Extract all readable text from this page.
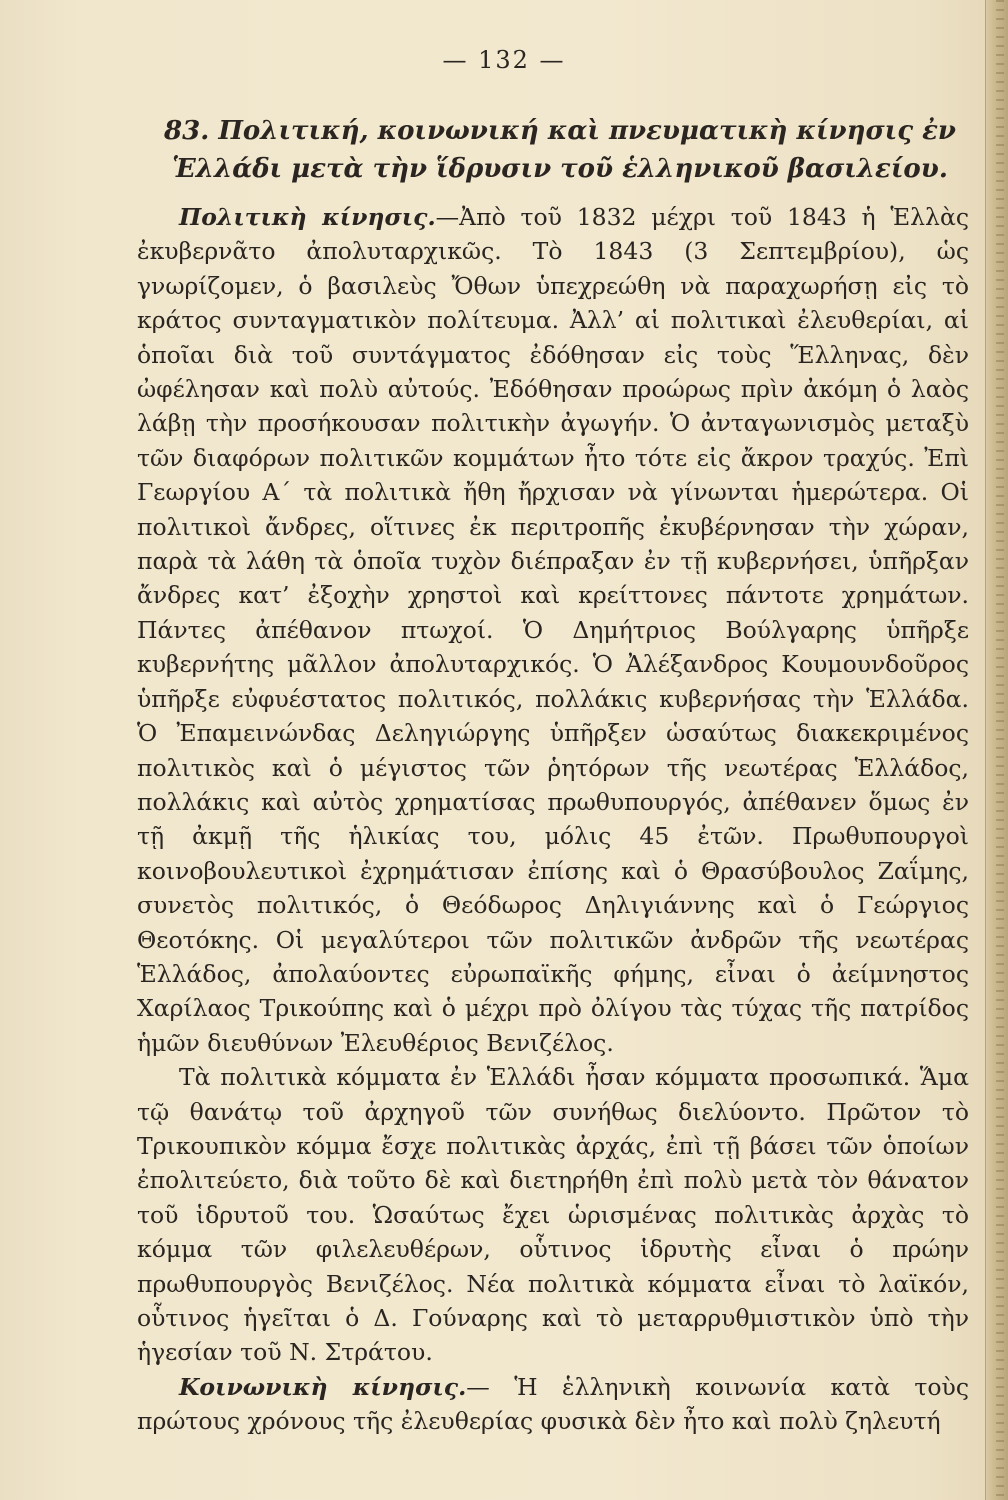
— 132 —
83. Πολιτική, κοινωνική καὶ πνευματικὴ κίνησις ἐν Ἑλλάδι μετὰ τὴν ἵδρυσιν τοῦ ἑλληνικοῦ βασιλείου.

Πολιτικὴ κίνησις.—Ἀπὸ τοῦ 1832 μέχρι τοῦ 1843 ἡ Ἑλλὰς ἐκυβερνᾶτο ἀπολυταρχικῶς. Τὸ 1843 (3 Σεπτεμβρίου), ὡς γνωρίζομεν, ὁ βασιλεὺς Ὄθων ὑπεχρεώθη νὰ παραχωρήσῃ εἰς τὸ κράτος συνταγματικὸν πολίτευμα. Ἀλλ’ αἱ πολιτικαὶ ἐλευθερίαι, αἱ ὁποῖαι διὰ τοῦ συντάγματος ἐδόθησαν εἰς τοὺς Ἕλληνας, δὲν ὠφέλησαν καὶ πολὺ αὐτούς. Ἐδόθησαν προώρως πρὶν ἀκόμη ὁ λαὸς λάβῃ τὴν προσήκουσαν πολιτικὴν ἀγωγήν. Ὁ ἀνταγωνισμὸς μεταξὺ τῶν διαφόρων πολιτικῶν κομμάτων ἦτο τότε εἰς ἄκρον τραχύς. Ἐπὶ Γεωργίου Α΄ τὰ πολιτικὰ ἤθη ἤρχισαν νὰ γίνωνται ἡμερώτερα. Οἱ πολιτικοὶ ἄνδρες, οἵτινες ἐκ περιτροπῆς ἐκυβέρνησαν τὴν χώραν, παρὰ τὰ λάθη τὰ ὁποῖα τυχὸν διέπραξαν ἐν τῇ κυβερνήσει, ὑπῆρξαν ἄνδρες κατ’ ἐξοχὴν χρηστοὶ καὶ κρείττονες πάντοτε χρημάτων. Πάντες ἀπέθανον πτωχοί. Ὁ Δημήτριος Βούλγαρης ὑπῆρξε κυβερνήτης μᾶλλον ἀπολυταρχικός. Ὁ Ἀλέξανδρος Κουμουνδοῦρος ὑπῆρξε εὐφυέστατος πολιτικός, πολλάκις κυβερνήσας τὴν Ἑλλάδα. Ὁ Ἐπαμεινώνδας Δεληγιώργης ὑπῆρξεν ὡσαύτως διακεκριμένος πολιτικὸς καὶ ὁ μέγιστος τῶν ῥητόρων τῆς νεωτέρας Ἑλλάδος, πολλάκις καὶ αὐτὸς χρηματίσας πρωθυπουργός, ἀπέθανεν ὅμως ἐν τῇ ἀκμῇ τῆς ἡλικίας του, μόλις 45 ἐτῶν. Πρωθυπουργοὶ κοινοβουλευτικοὶ ἐχρημάτισαν ἐπίσης καὶ ὁ Θρασύβουλος Ζαΐμης, συνετὸς πολιτικός, ὁ Θεόδωρος Δηλιγιάννης καὶ ὁ Γεώργιος Θεοτόκης. Οἱ μεγαλύτεροι τῶν πολιτικῶν ἀνδρῶν τῆς νεωτέρας Ἑλλάδος, ἀπολαύοντες εὐρωπαϊκῆς φήμης, εἶναι ὁ ἀείμνηστος Χαρίλαος Τρικούπης καὶ ὁ μέχρι πρὸ ὀλίγου τὰς τύχας τῆς πατρίδος ἡμῶν διευθύνων Ἐλευθέριος Βενιζέλος.

Τὰ πολιτικὰ κόμματα ἐν Ἑλλάδι ἦσαν κόμματα προσωπικά. Ἅμα τῷ θανάτῳ τοῦ ἀρχηγοῦ τῶν συνήθως διελύοντο. Πρῶτον τὸ Τρικουπικὸν κόμμα ἔσχε πολιτικὰς ἀρχάς, ἐπὶ τῇ βάσει τῶν ὁποίων ἐπολιτεύετο, διὰ τοῦτο δὲ καὶ διετηρήθη ἐπὶ πολὺ μετὰ τὸν θάνατον τοῦ ἱδρυτοῦ του. Ὡσαύτως ἔχει ὡρισμένας πολιτικὰς ἀρχὰς τὸ κόμμα τῶν φιλελευθέρων, οὗτινος ἱδρυτὴς εἶναι ὁ πρώην πρωθυπουργὸς Βενιζέλος. Νέα πολιτικὰ κόμματα εἶναι τὸ λαϊκόν, οὗτινος ἡγεῖται ὁ Δ. Γούναρης καὶ τὸ μεταρρυθμιστικὸν ὑπὸ τὴν ἡγεσίαν τοῦ Ν. Στράτου.

Κοινωνικὴ κίνησις.— Ἡ ἑλληνικὴ κοινωνία κατὰ τοὺς πρώτους χρόνους τῆς ἐλευθερίας φυσικὰ δὲν ἦτο καὶ πολὺ ζηλευτή
